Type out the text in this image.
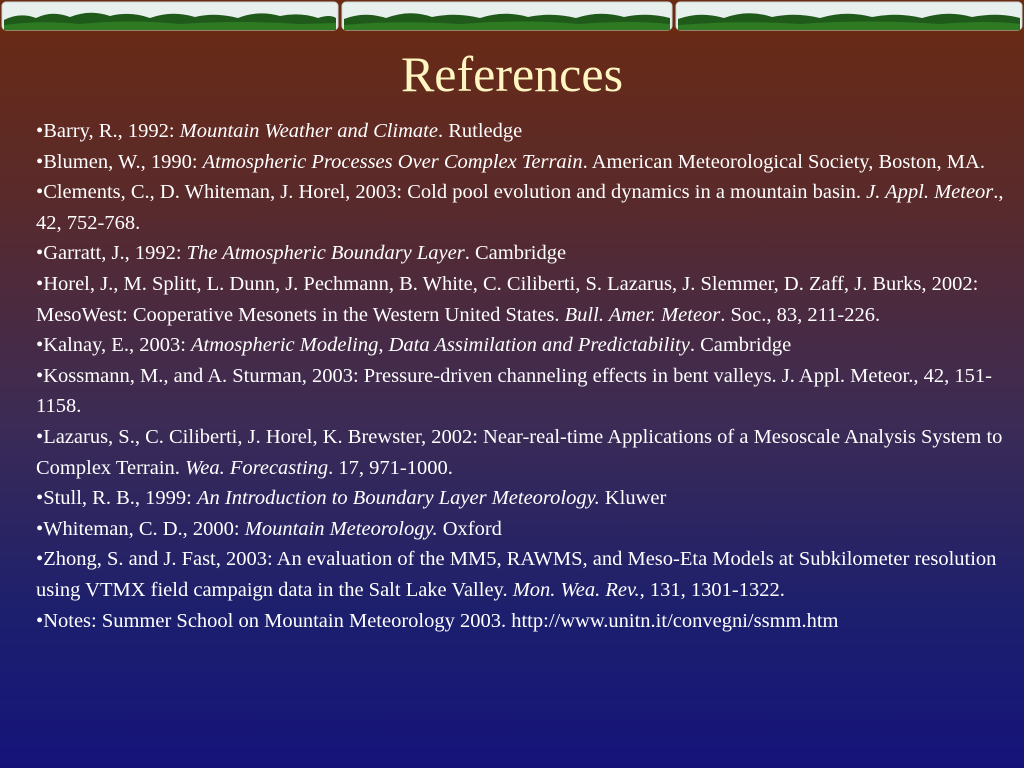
References
•Barry, R., 1992: Mountain Weather and Climate. Rutledge
•Blumen, W., 1990: Atmospheric Processes Over Complex Terrain. American Meteorological Society, Boston, MA.
•Clements, C., D. Whiteman, J. Horel, 2003: Cold pool evolution and dynamics in a mountain basin. J. Appl. Meteor., 42, 752-768.
•Garratt, J., 1992: The Atmospheric Boundary Layer. Cambridge
•Horel, J., M. Splitt, L. Dunn, J. Pechmann, B. White, C. Ciliberti, S. Lazarus, J. Slemmer, D. Zaff, J. Burks, 2002: MesoWest: Cooperative Mesonets in the Western United States. Bull. Amer. Meteor. Soc., 83, 211-226.
•Kalnay, E., 2003: Atmospheric Modeling, Data Assimilation and Predictability. Cambridge
•Kossmann, M., and A. Sturman, 2003: Pressure-driven channeling effects in bent valleys. J. Appl. Meteor., 42, 151-1158.
•Lazarus, S., C. Ciliberti, J. Horel, K. Brewster, 2002: Near-real-time Applications of a Mesoscale Analysis System to Complex Terrain. Wea. Forecasting. 17, 971-1000.
•Stull, R. B., 1999: An Introduction to Boundary Layer Meteorology. Kluwer
•Whiteman, C. D., 2000: Mountain Meteorology. Oxford
•Zhong, S. and J. Fast, 2003: An evaluation of the MM5, RAWMS, and Meso-Eta Models at Subkilometer resolution using VTMX field campaign data in the Salt Lake Valley. Mon. Wea. Rev., 131, 1301-1322.
•Notes: Summer School on Mountain Meteorology 2003. http://www.unitn.it/convegni/ssmm.htm
